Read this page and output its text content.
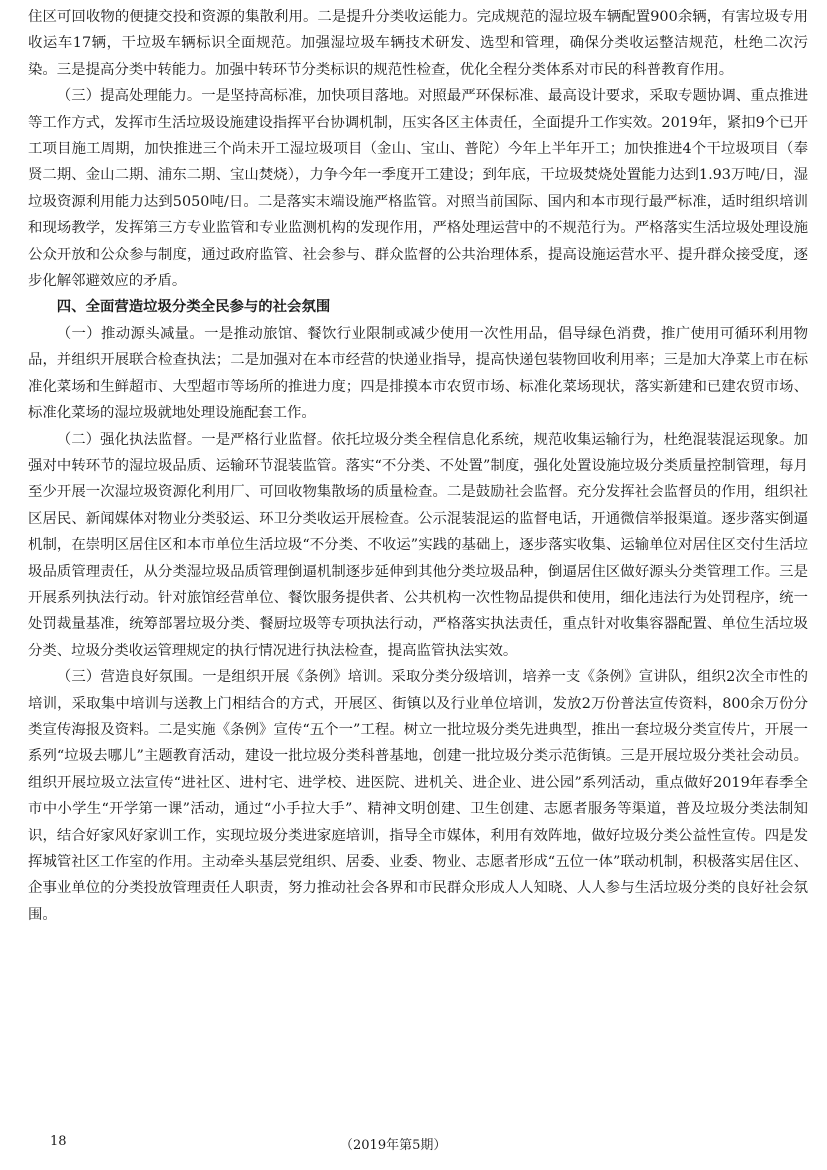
住区可回收物的便捷交投和资源的集散利用。二是提升分类收运能力。完成规范的湿垃圾车辆配置900余辆，有害垃圾专用收运车17辆，干垃圾车辆标识全面规范。加强湿垃圾车辆技术研发、选型和管理，确保分类收运整洁规范，杜绝二次污染。三是提高分类中转能力。加强中转环节分类标识的规范性检查，优化全程分类体系对市民的科普教育作用。

（三）提高处理能力。一是坚持高标准，加快项目落地。对照最严环保标准、最高设计要求，采取专题协调、重点推进等工作方式，发挥市生活垃圾设施建设指挥平台协调机制，压实各区主体责任，全面提升工作实效。2019年，紧扣9个已开工项目施工周期，加快推进三个尚未开工湿垃圾项目（金山、宝山、普陀）今年上半年开工；加快推进4个干垃圾项目（奉贤二期、金山二期、浦东二期、宝山焚烧），力争今年一季度开工建设；到年底，干垃圾焚烧处置能力达到1.93万吨/日，湿垃圾资源利用能力达到5050吨/日。二是落实末端设施严格监管。对照当前国际、国内和本市现行最严标准，适时组织培训和现场教学，发挥第三方专业监管和专业监测机构的发现作用，严格处理运营中的不规范行为。严格落实生活垃圾处理设施公众开放和公众参与制度，通过政府监管、社会参与、群众监督的公共治理体系，提高设施运营水平、提升群众接受度，逐步化解邻避效应的矛盾。

四、全面营造垃圾分类全民参与的社会氛围

（一）推动源头减量。一是推动旅馆、餐饮行业限制或减少使用一次性用品，倡导绿色消费，推广使用可循环利用物品，并组织开展联合检查执法；二是加强对在本市经营的快递业指导，提高快递包装物回收利用率；三是加大净菜上市在标准化菜场和生鲜超市、大型超市等场所的推进力度；四是排摸本市农贸市场、标准化菜场现状，落实新建和已建农贸市场、标准化菜场的湿垃圾就地处理设施配套工作。

（二）强化执法监督。一是严格行业监督。依托垃圾分类全程信息化系统，规范收集运输行为，杜绝混装混运现象。加强对中转环节的湿垃圾品质、运输环节混装监管。落实“不分类、不处置”制度，强化处置设施垃圾分类质量控制管理，每月至少开展一次湿垃圾资源化利用厂、可回收物集散场的质量检查。二是鼓励社会监督。充分发挥社会监督员的作用，组织社区居民、新闻媒体对物业分类驳运、环卫分类收运开展检查。公示混装混运的监督电话，开通微信举报渠道。逐步落实倒逼机制，在崇明区居住区和本市单位生活垃圾“不分类、不收运”实践的基础上，逐步落实收集、运输单位对居住区交付生活垃圾品质管理责任，从分类湿垃圾品质管理倒逼机制逐步延伸到其他分类垃圾品种，倒逼居住区做好源头分类管理工作。三是开展系列执法行动。针对旅馆经营单位、餐饮服务提供者、公共机构一次性物品提供和使用，细化违法行为处罚程序，统一处罚裁量基准，统筹部署垃圾分类、餐厨垃圾等专项执法行动，严格落实执法责任，重点针对收集容器配置、单位生活垃圾分类、垃圾分类收运管理规定的执行情况进行执法检查，提高监管执法实效。

（三）营造良好氛围。一是组织开展《条例》培训。采取分类分级培训，培养一支《条例》宣讲队，组织2次全市性的培训，采取集中培训与送教上门相结合的方式，开展区、街镇以及行业单位培训，发放2万份普法宣传资料，800余万份分类宣传海报及资料。二是实施《条例》宣传“五个一”工程。树立一批垃圾分类先进典型，推出一套垃圾分类宣传片，开展一系列“垃圾去哪儿”主题教育活动，建设一批垃圾分类科普基地，创建一批垃圾分类示范街镇。三是开展垃圾分类社会动员。组织开展垃圾立法宣传“进社区、进村宅、进学校、进医院、进机关、进企业、进公园”系列活动，重点做好2019年春季全市中小学生“开学第一课”活动，通过“小手拉大手”、精神文明创建、卫生创建、志愿者服务等渠道，普及垃圾分类法制知识，结合好家风好家训工作，实现垃圾分类进家庭培训，指导全市媒体，利用有效阵地，做好垃圾分类公益性宣传。四是发挥城管社区工作室的作用。主动牵头基层党组织、居委、业委、物业、志愿者形成“五位一体”联动机制，积极落实居住区、企事业单位的分类投放管理责任人职责，努力推动社会各界和市民群众形成人人知晓、人人参与生活垃圾分类的良好社会氛围。

18	（2019年第5期）
